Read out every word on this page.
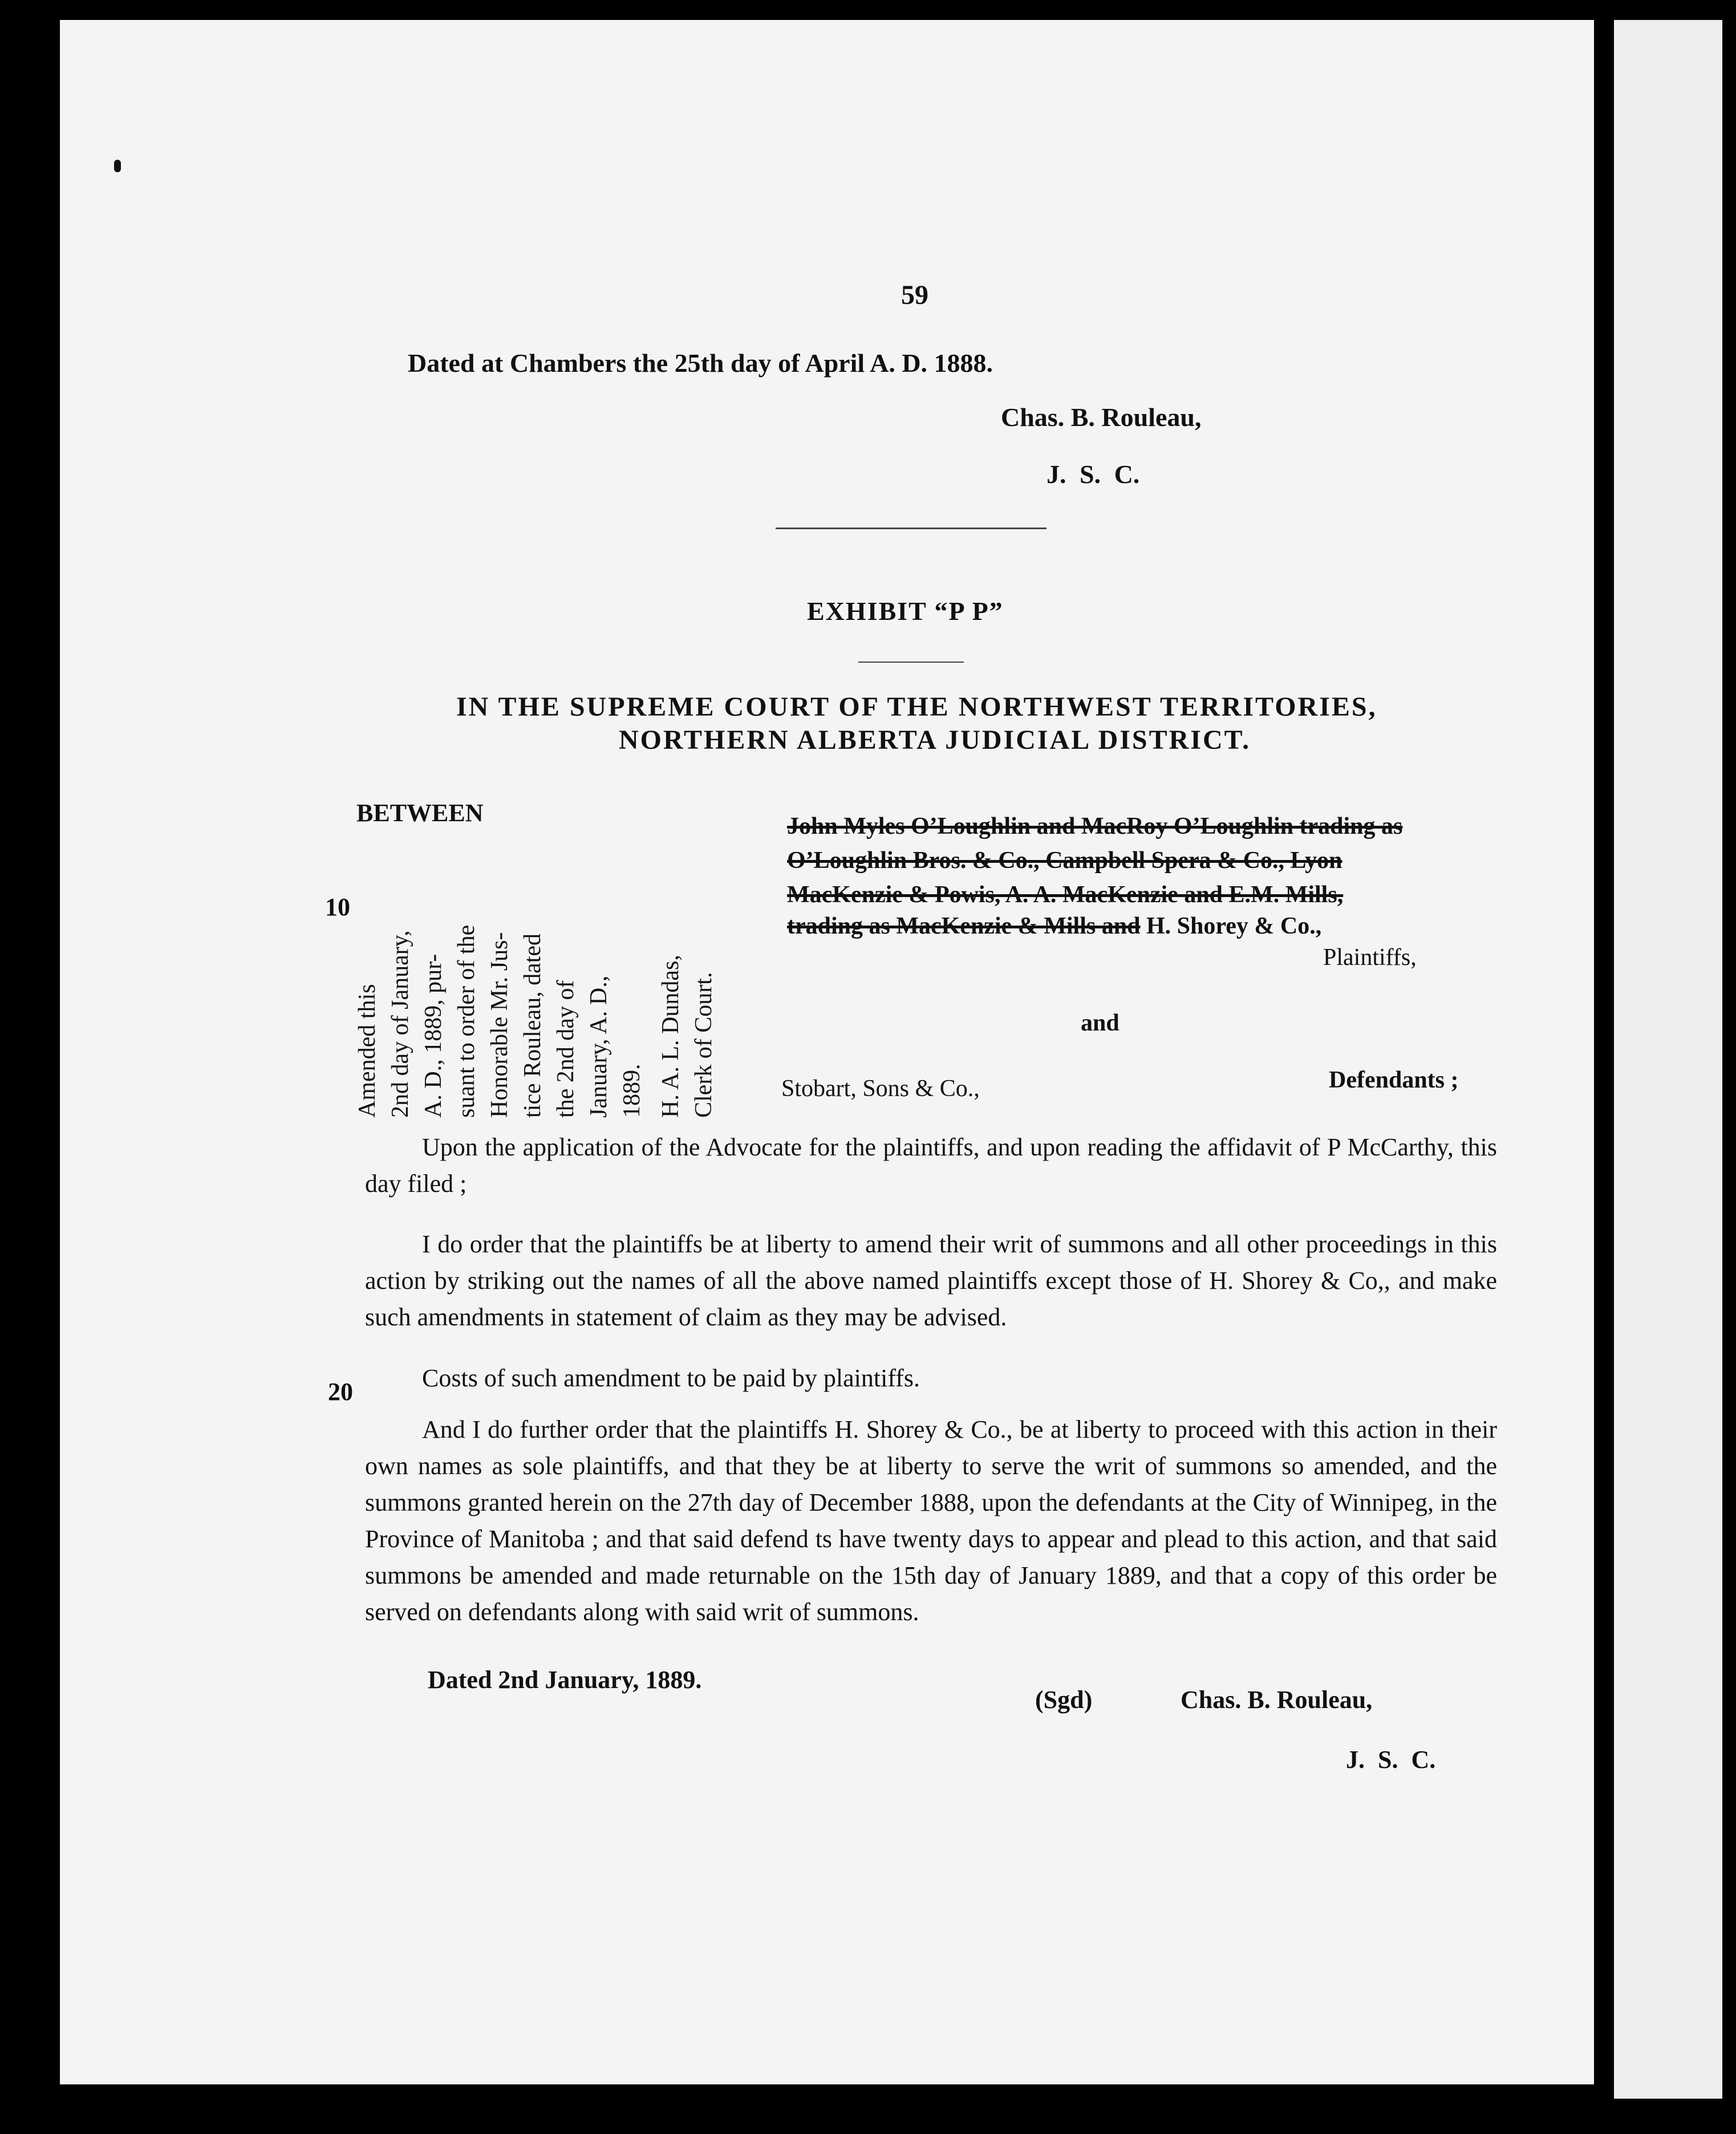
59
Dated at Chambers the 25th day of April A. D. 1888.
Chas. B. Rouleau,
J. S. C.
EXHIBIT “P P”
IN THE SUPREME COURT OF THE NORTHWEST TERRITORIES,
NORTHERN ALBERTA JUDICIAL DISTRICT.
BETWEEN
10
20
Amended this 2nd day of January, A. D., 1889, pur- suant to order of the Honorable Mr. Jus- tice Rouleau, dated the 2nd day of January, A. D., 1889. H. A. L. Dundas, Clerk of Court.
John Myles O’Loughlin and MacRoy O’Loughlin trading as
O’Loughlin Bros. & Co., Campbell Spera & Co., Lyon
MacKenzie & Powis, A. A. MacKenzie and E.M. Mills,
trading as MacKenzie & Mills and H. Shorey & Co.,
Plaintiffs,
and
Stobart, Sons & Co.,	Defendants ;
Upon the application of the Advocate for the plaintiffs, and upon reading the affidavit of P McCarthy, this day filed ;
I do order that the plaintiffs be at liberty to amend their writ of summons and all other proceedings in this action by striking out the names of all the above named plaintiffs except those of H. Shorey & Co,, and make such amendments in statement of claim as they may be advised.
Costs of such amendment to be paid by plaintiffs.
And I do further order that the plaintiffs H. Shorey & Co., be at liberty to proceed with this action in their own names as sole plaintiffs, and that they be at liberty to serve the writ of summons so amended, and the summons granted herein on the 27th day of December 1888, upon the defendants at the City of Winnipeg, in the Province of Manitoba ; and that said defend ts have twenty days to appear and plead to this action, and that said summons be amended and made returnable on the 15th day of January 1889, and that a copy of this order be served on defendants along with said writ of summons.
Dated 2nd January, 1889.
(Sgd)	Chas. B. Rouleau,
J. S. C.
